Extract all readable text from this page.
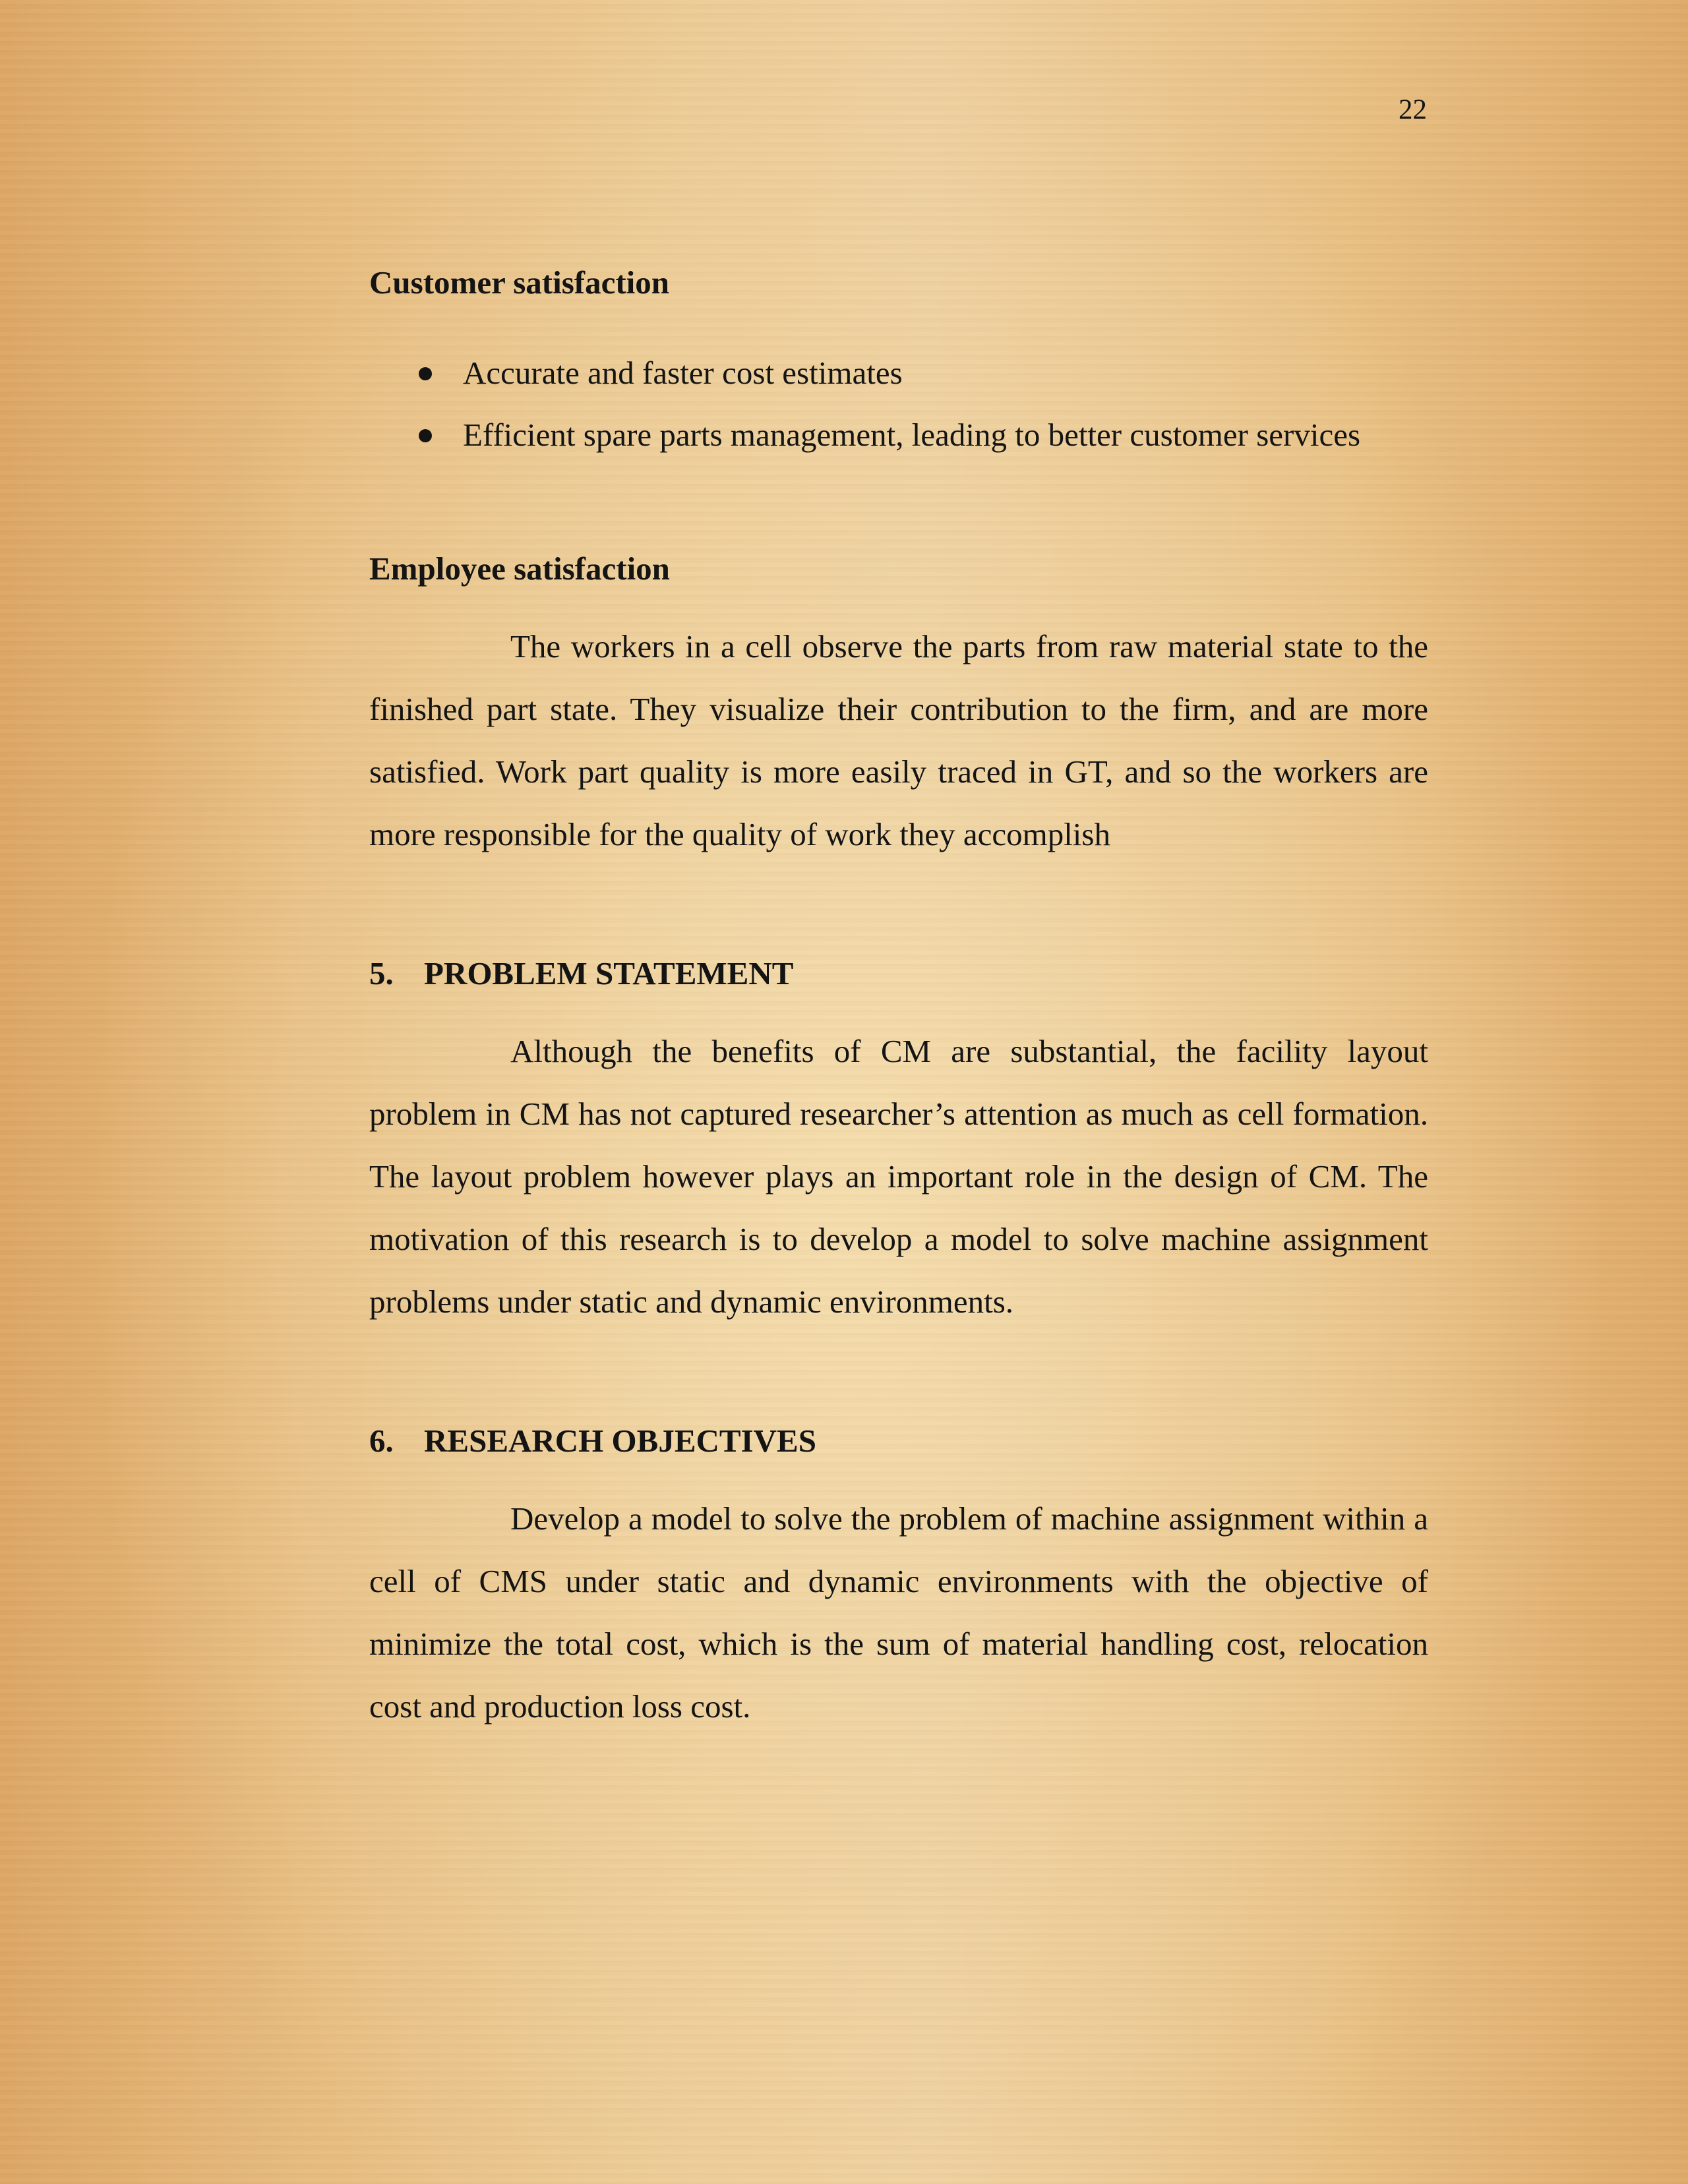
22
Customer satisfaction
Accurate and faster cost estimates
Efficient spare parts management, leading to better customer services
Employee satisfaction

The workers in a cell observe the parts from raw material state to the finished part state. They visualize their contribution to the firm, and are more satisfied. Work part quality is more easily traced in GT, and so the workers are more responsible for the quality of work they accomplish

5. PROBLEM STATEMENT

Although the benefits of CM are substantial, the facility layout problem in CM has not captured researcher’s attention as much as cell formation. The layout problem however plays an important role in the design of CM. The motivation of this research is to develop a model to solve machine assignment problems under static and dynamic environments.

6. RESEARCH OBJECTIVES

Develop a model to solve the problem of machine assignment within a cell of CMS under static and dynamic environments with the objective of minimize the total cost, which is the sum of material handling cost, relocation cost and production loss cost.
